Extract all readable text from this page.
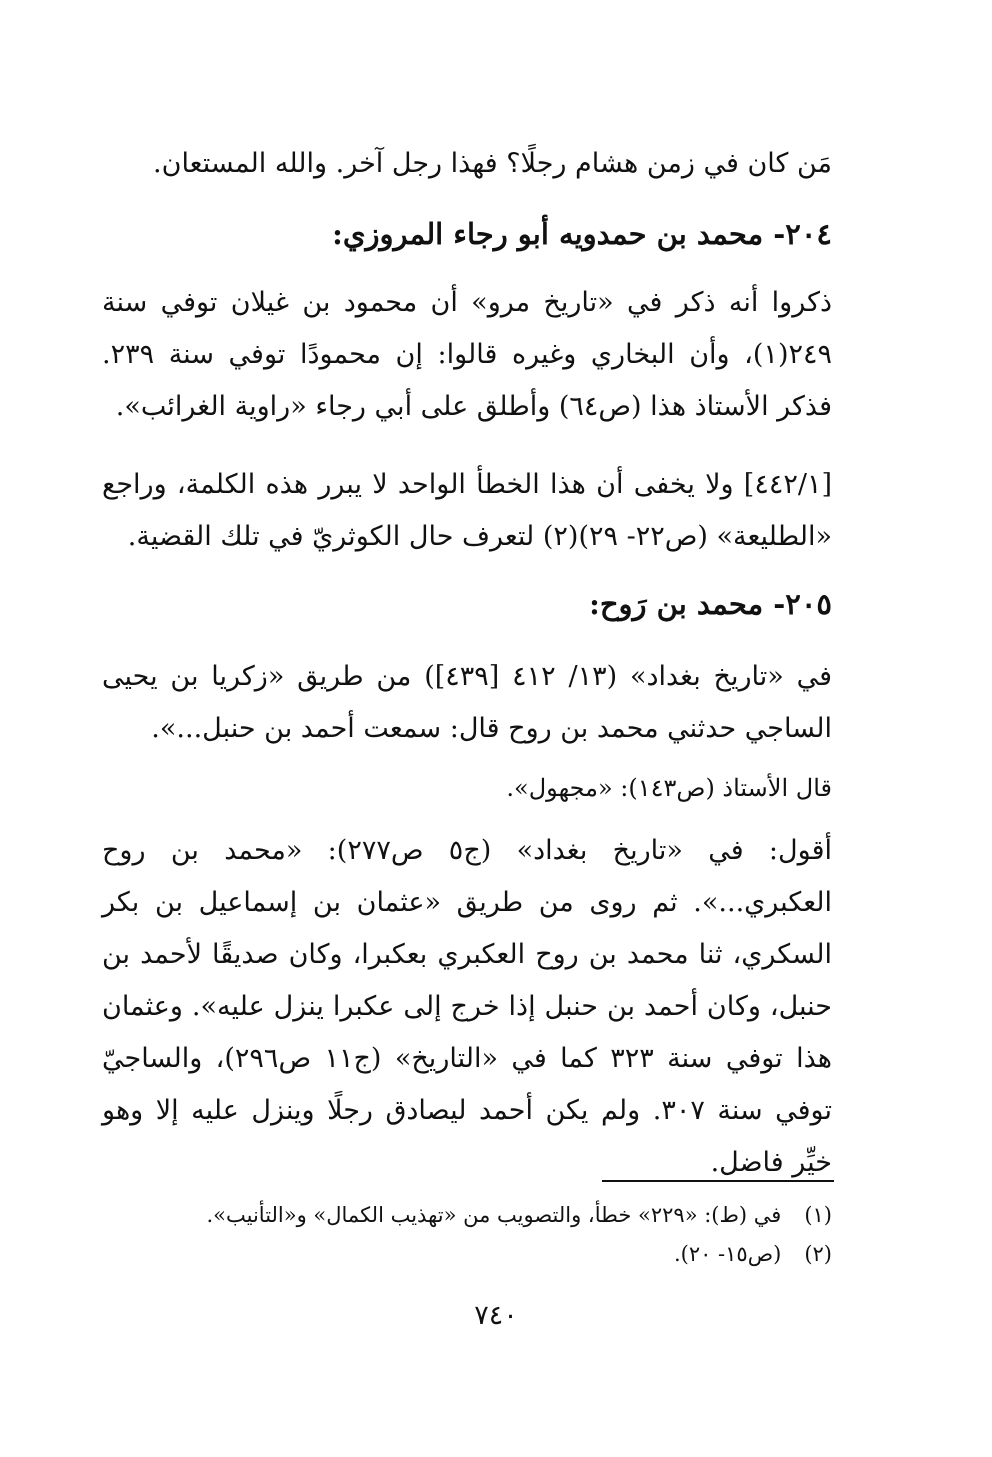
مَن كان في زمن هشام رجلًا؟ فهذا رجل آخر. والله المستعان.
٢٠٤- محمد بن حمدويه أبو رجاء المروزي:
ذكروا أنه ذكر في «تاريخ مرو» أن محمود بن غيلان توفي سنة ٢٤٩(١)، وأن البخاري وغيره قالوا: إن محمودًا توفي سنة ٢٣٩. فذكر الأستاذ هذا (ص٦٤) وأطلق على أبي رجاء «راوية الغرائب».
[٤٤٢/١] ولا يخفى أن هذا الخطأ الواحد لا يبرر هذه الكلمة، وراجع «الطليعة» (ص٢٢- ٢٩)(٢) لتعرف حال الكوثريّ في تلك القضية.
٢٠٥- محمد بن رَوح:
في «تاريخ بغداد» (١٣/ ٤١٢ [٤٣٩]) من طريق «زكريا بن يحيى الساجي حدثني محمد بن روح قال: سمعت أحمد بن حنبل...».
قال الأستاذ (ص١٤٣): «مجهول».
أقول: في «تاريخ بغداد» (ج٥ ص٢٧٧): «محمد بن روح العكبري...». ثم روى من طريق «عثمان بن إسماعيل بن بكر السكري، ثنا محمد بن روح العكبري بعكبرا، وكان صديقًا لأحمد بن حنبل، وكان أحمد بن حنبل إذا خرج إلى عكبرا ينزل عليه». وعثمان هذا توفي سنة ٣٢٣ كما في «التاريخ» (ج١١ ص٢٩٦)، والساجيّ توفي سنة ٣٠٧. ولم يكن أحمد ليصادق رجلًا وينزل عليه إلا وهو خيِّر فاضل.
(١) في (ط): «٢٢٩» خطأ، والتصويب من «تهذيب الكمال» و«التأنيب».
(٢) (ص١٥- ٢٠).
٧٤٠
